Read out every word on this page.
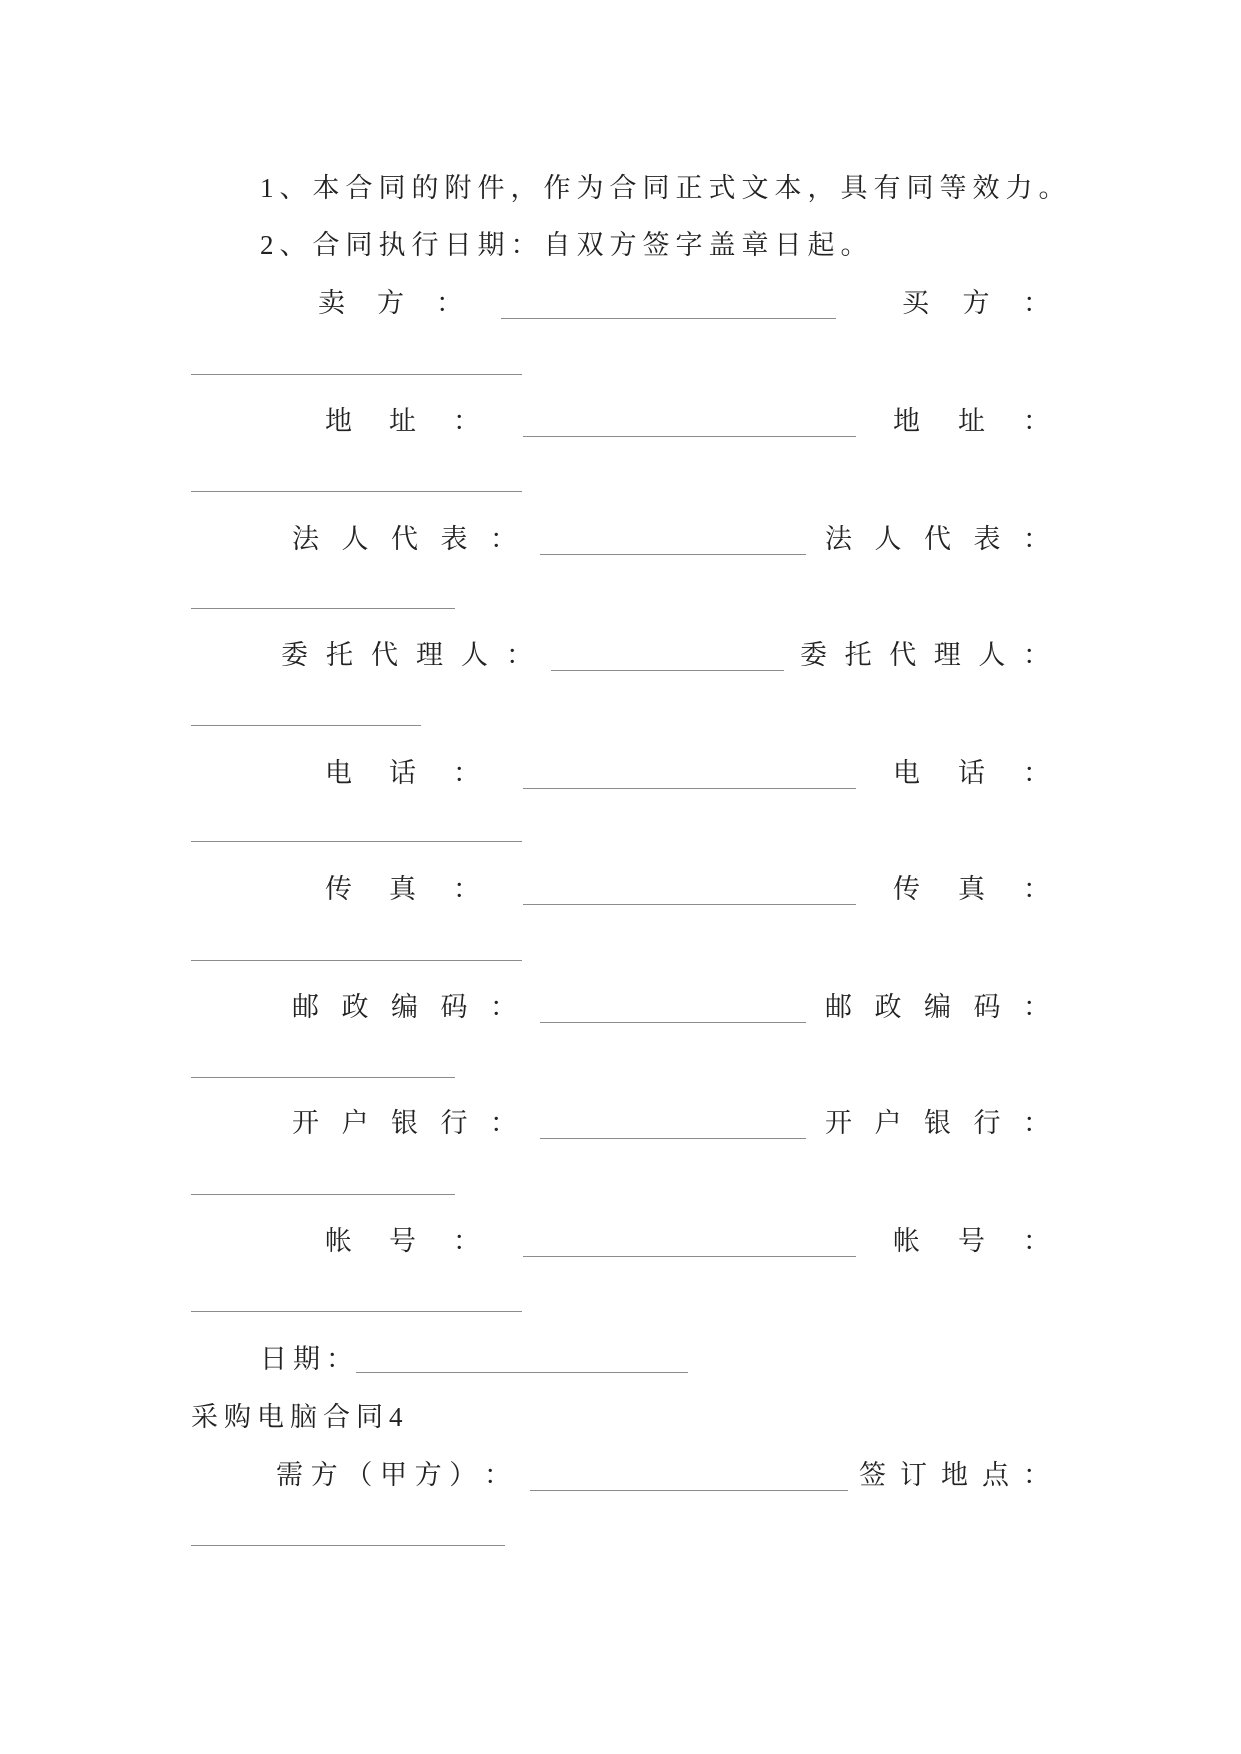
1、本合同的附件，作为合同正式文本，具有同等效力。
2、合同执行日期：自双方签字盖章日起。
卖 方 ：	买 方 ：
地 址 ：	地 址 ：
法 人 代 表 ：	法 人 代 表 ：
委 托 代 理 人 ：	委 托 代 理 人 ：
电 话 ：	电 话 ：
传 真 ：	传 真 ：
邮 政 编 码 ：	邮 政 编 码 ：
开 户 银 行 ：	开 户 银 行 ：
帐 号 ：	帐 号 ：
日期：
采购电脑合同4
需 方 （ 甲 方 ） ：	签 订 地 点 ：
